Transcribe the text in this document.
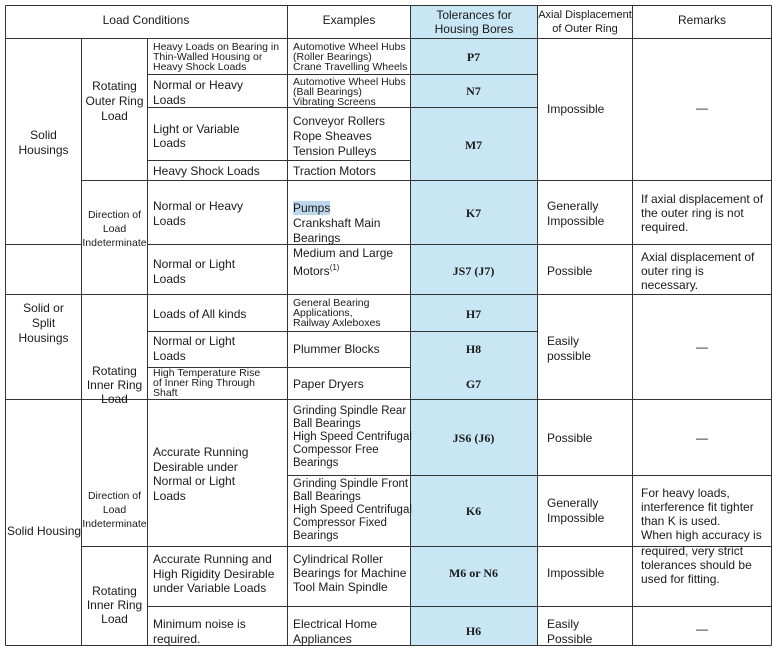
Load Conditions	Examples	Tolerances for
Housing Bores
Axial Displacement
of Outer Ring
Remarks
Solid
Housings
Solid or
Split
Housings
Solid Housing
Rotating
Outer Ring
Load
Direction of
Load
Indeterminate
Rotating
Inner Ring
Load
Direction of
Load
Indeterminate
Rotating
Inner Ring
Load
Heavy Loads on Bearing in
Thin-Walled Housing or
Heavy Shock Loads
Normal or Heavy
Loads
Light or Variable
Loads
Heavy Shock Loads
Normal or Heavy
Loads
Normal or Light
Loads
Loads of All kinds
Normal or Light
Loads
High Temperature Rise
of Inner Ring Through
Shaft
Accurate Running
Desirable under
Normal or Light
Loads
Accurate Running and
High Rigidity Desirable
under Variable Loads
Minimum noise is
required.
Automotive Wheel Hubs
(Roller Bearings)
Crane Travelling Wheels
Automotive Wheel Hubs
(Ball Bearings)
Vibrating Screens
Conveyor Rollers
Rope Sheaves
Tension Pulleys
Traction Motors
Pumps
Crankshaft Main
Bearings
Medium and Large
Motors$^{(1)}$
General Bearing
Applications,
Railway Axleboxes
Plummer Blocks
Paper Dryers
Grinding Spindle Rear
Ball Bearings
High Speed Centrifugal
Compessor Free
Bearings
Grinding Spindle Front
Ball Bearings
High Speed Centrifugal
Compressor Fixed
Bearings
Cylindrical Roller
Bearings for Machine
Tool Main Spindle
Electrical Home
Appliances
P7
N7
M7
K7
JS7 (J7)
H7
H8
G7
JS6 (J6)
K6
M6 or N6
H6
Impossible
Generally
Impossible
Possible
Easily
possible
Possible
Generally
Impossible
Impossible
Easily
Possible
—
If axial displacement of
the outer ring is not
required.
Axial displacement of
outer ring is
necessary.
—
—
For heavy loads,
interference fit tighter
than K is used.
When high accuracy is
required, very strict
tolerances should be
used for fitting.
—
